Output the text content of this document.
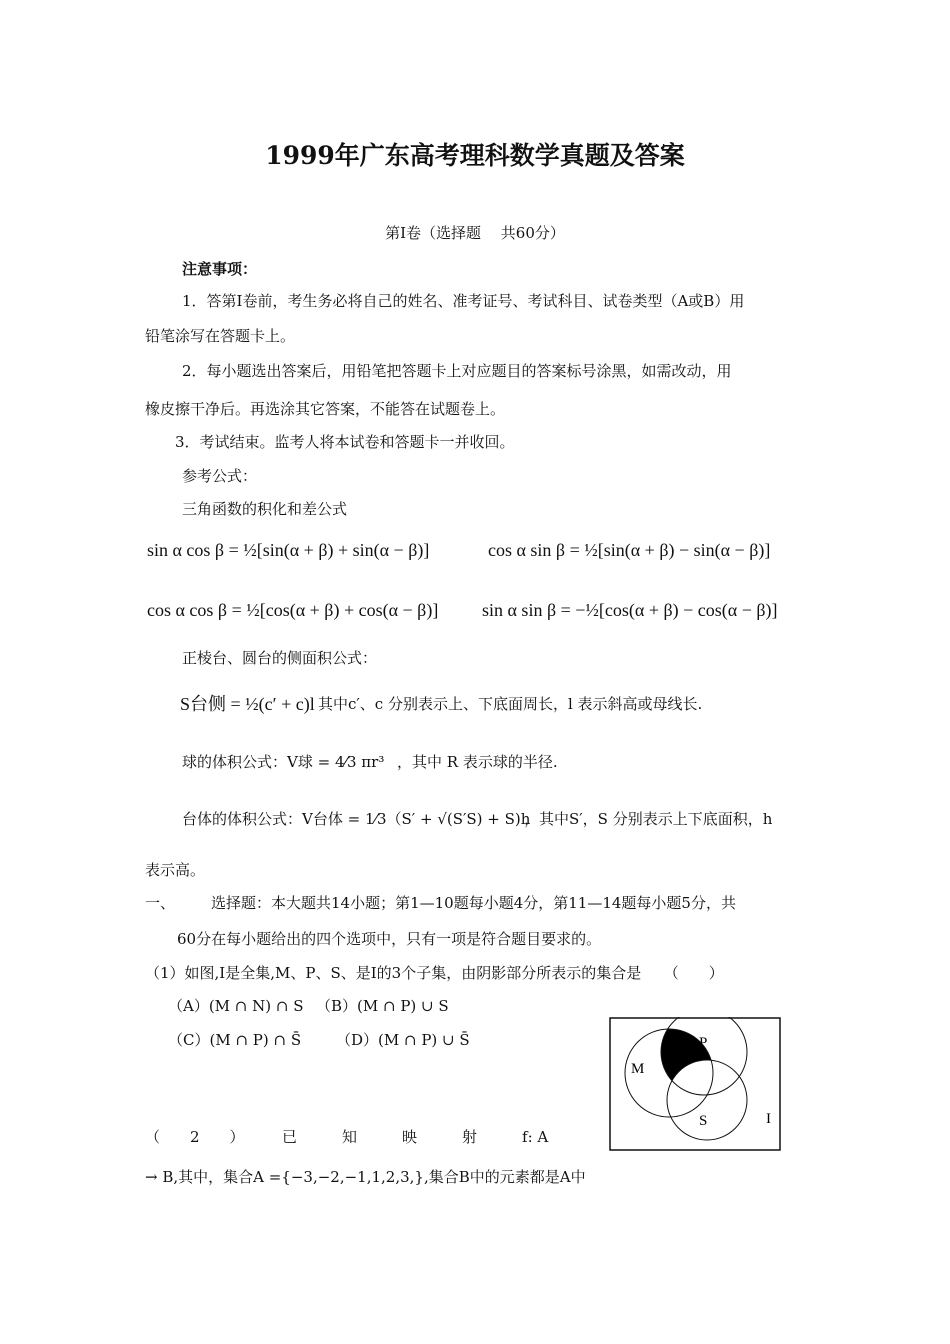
1999年广东高考理科数学真题及答案
第Ⅰ卷（选择题　 共60分）
注意事项：
1．答第Ⅰ卷前，考生务必将自己的姓名、准考证号、考试科目、试卷类型（A或B）用
铅笔涂写在答题卡上。
2．每小题选出答案后，用铅笔把答题卡上对应题目的答案标号涂黑，如需改动，用
橡皮擦干净后。再选涂其它答案，不能答在试题卷上。
3．考试结束。监考人将本试卷和答题卡一并收回。
参考公式：
三角函数的积化和差公式
sin α cos β = ½[sin(α + β) + sin(α − β)]	cos α sin β = ½[sin(α + β) − sin(α − β)]
cos α cos β = ½[cos(α + β) + cos(α − β)] sin α sin β = −½[cos(α + β) − cos(α − β)]
正棱台、圆台的侧面积公式：
S台侧 = ½(c′ + c)l 其中c′、c 分别表示上、下底面周长，l 表示斜高或母线长.
球的体积公式：V球 = 4⁄3 πr³ ，其中 R 表示球的半径.
台体的体积公式：V台体 = 1⁄3（S′ + √(S′S) + S)h
，其中S′，S 分别表示上下底面积，h
表示高。
一、 选择题：本大题共14小题；第1—10题每小题4分，第11—14题每小题5分，共
60分在每小题给出的四个选项中，只有一项是符合题目要求的。
（1）如图,Ⅰ是全集,M、P、S、是Ⅰ的3个子集，由阴影部分所表示的集合是　　（　　）
（A）(M ∩ N) ∩ S （B）(M ∩ P) ∪ S
（C）(M ∩ P) ∩ S̄ （D）(M ∩ P) ∪ S̄
M
P
S	I
（　　2　　）　　　已　　　知　　　映　　　射　　　f: A
→ B,其中，集合A ={−3,−2,−1,1,2,3,},集合B中的元素都是A中
